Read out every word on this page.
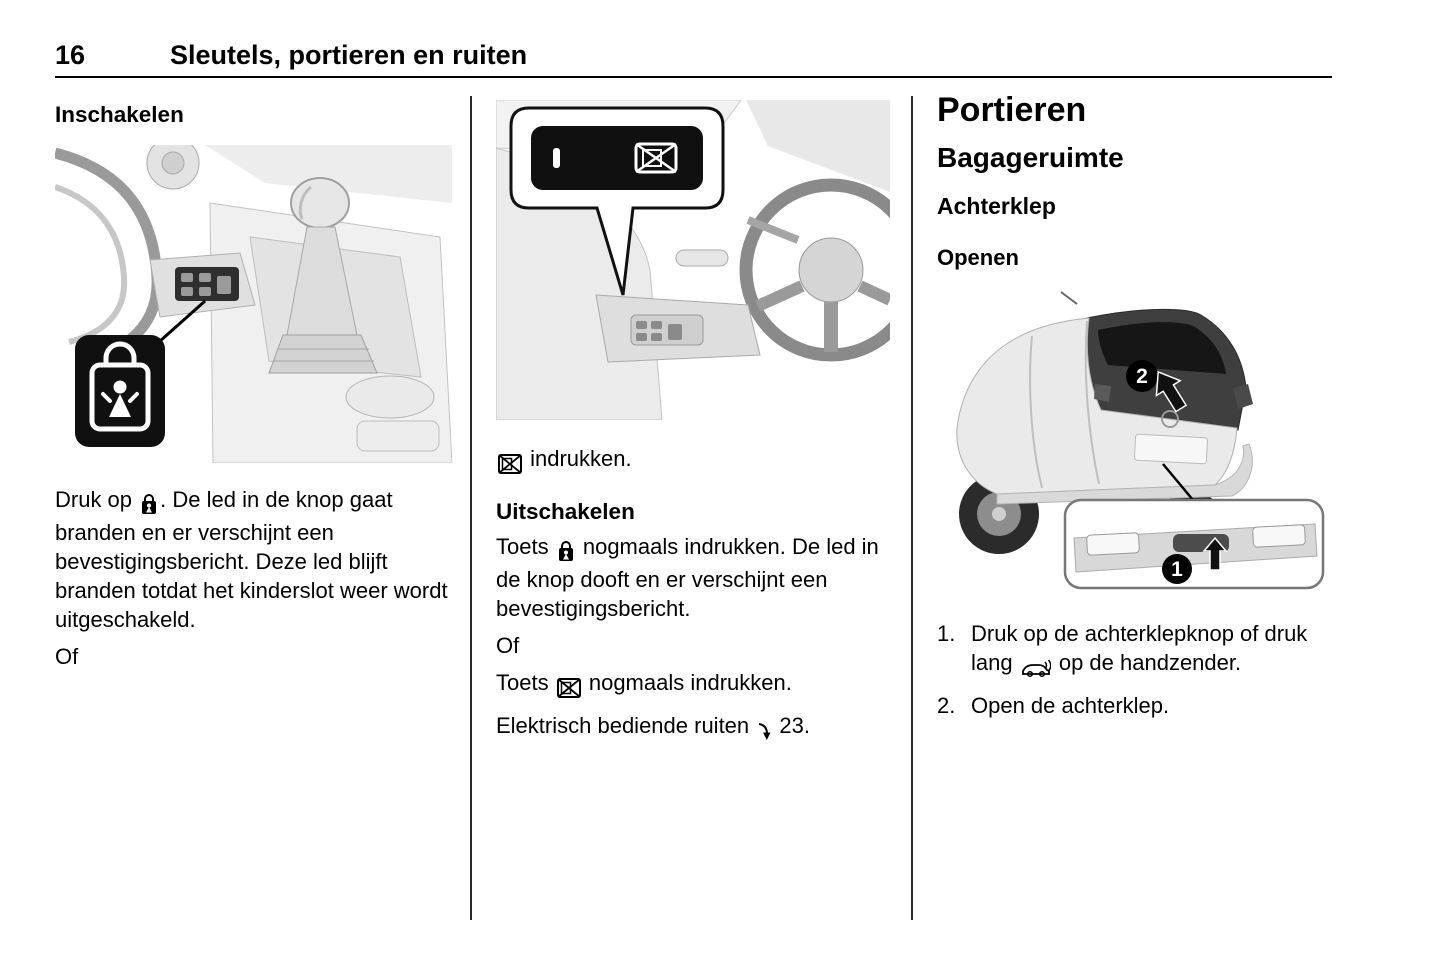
16	Sleutels, portieren en ruiten
Inschakelen

Druk op . De led in de knop gaat branden en er verschijnt een bevestigingsbericht. Deze led blijft branden totdat het kinderslot weer wordt uitgeschakeld.

Of

indrukken.

Uitschakelen

Toets nogmaals indrukken. De led in de knop dooft en er verschijnt een bevestigingsbericht.

Of

Toets nogmaals indrukken.

Elektrisch bediende ruiten 23.

Portieren
Bagageruimte
Achterklep
Openen
2
1
1. Druk op de achterklepknop of druk lang op de handzender.
2. Open de achterklep.
